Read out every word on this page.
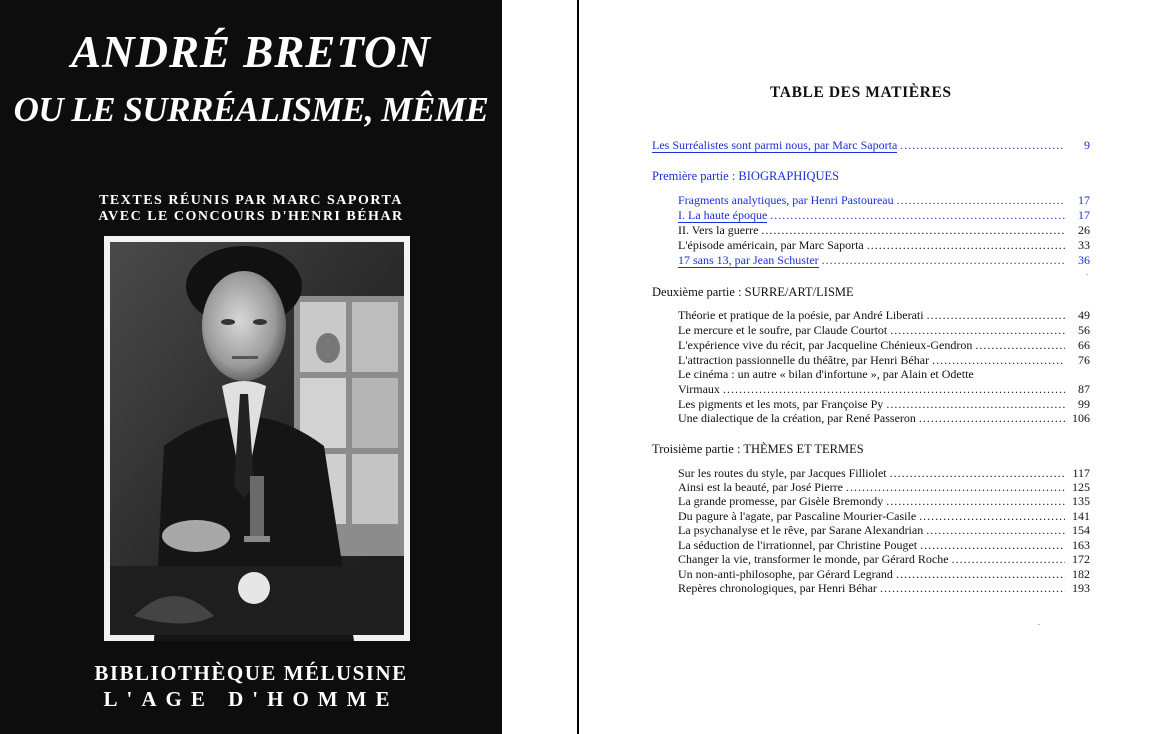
ANDRÉ BRETON
OU LE SURRÉALISME, MÊME
TEXTES RÉUNIS PAR MARC SAPORTA
AVEC LE CONCOURS D'HENRI BÉHAR
BIBLIOTHÈQUE MÉLUSINE
L'AGE D'HOMME
TABLE DES MATIÈRES
Les Surréalistes sont parmi nous, par Marc Saporta .....	9
Première partie : BIOGRAPHIQUES
Fragments analytiques, par Henri Pastoureau .....	17
I. La haute époque .....	17
II. Vers la guerre .....	26
L'épisode américain, par Marc Saporta .....	33
17 sans 13, par Jean Schuster .....	36
Deuxième partie : SURRE/ART/LISME
Théorie et pratique de la poésie, par André Liberati .....	49
Le mercure et le soufre, par Claude Courtot .....	56
L'expérience vive du récit, par Jacqueline Chénieux-Gendron .....	66
L'attraction passionnelle du théâtre, par Henri Béhar .....	76
Le cinéma : un autre « bilan d'infortune », par Alain et Odette
Virmaux .....	87
Les pigments et les mots, par Françoise Py .....	99
Une dialectique de la création, par René Passeron .....	106
Troisième partie : THÈMES ET TERMES
Sur les routes du style, par Jacques Filliolet .....	117
Ainsi est la beauté, par José Pierre .....	125
La grande promesse, par Gisèle Bremondy .....	135
Du pagure à l'agate, par Pascaline Mourier-Casile .....	141
La psychanalyse et le rêve, par Sarane Alexandrian .....	154
La séduction de l'irrationnel, par Christine Pouget .....	163
Changer la vie, transformer le monde, par Gérard Roche .....	172
Un non-anti-philosophe, par Gérard Legrand .....	182
Repères chronologiques, par Henri Béhar .....	193
